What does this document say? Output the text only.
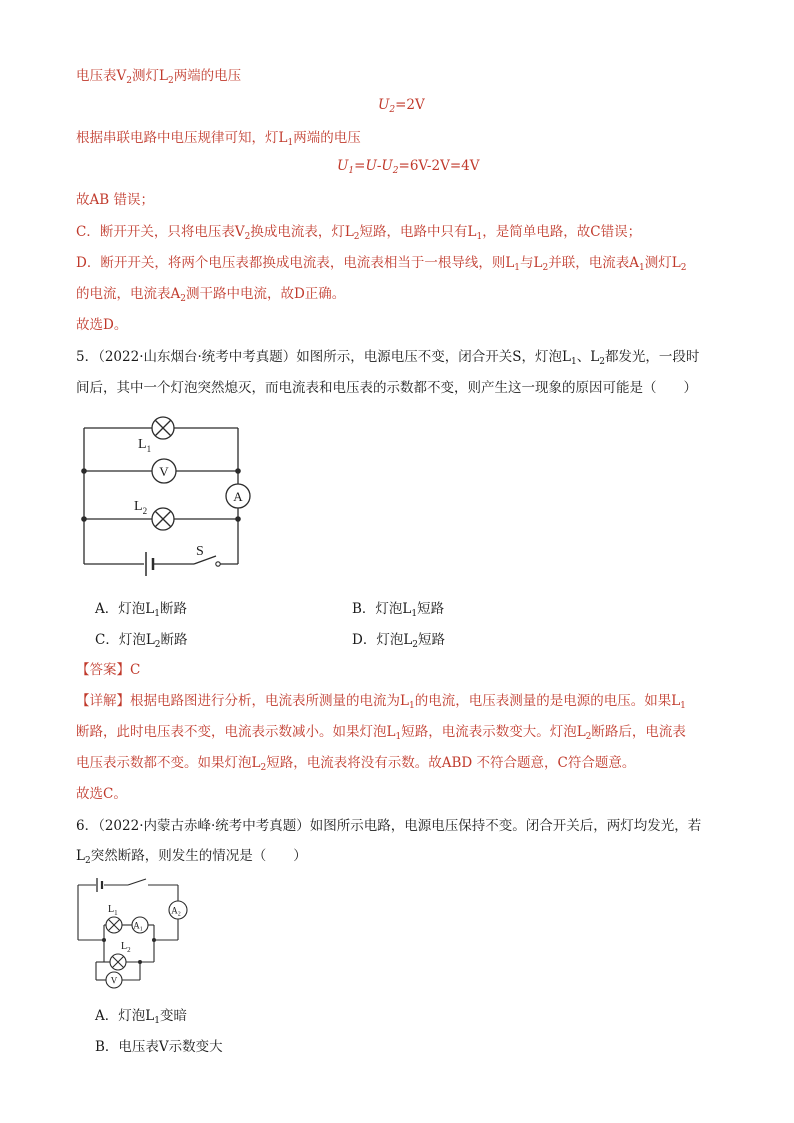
电压表$V_2$测灯$L_2$两端的电压
$U_2=2V$
根据串联电路中电压规律可知，灯$L_1$两端的电压
$U_1=U-U_2=6V-2V=4V$
故AB 错误；
C．断开开关，只将电压表$V_2$换成电流表，灯$L_2$短路，电路中只有$L_1$，是简单电路，故C错误；
D．断开开关，将两个电压表都换成电流表，电流表相当于一根导线，则$L_1$与$L_2$并联，电流表$A_1$测灯$L_2$
的电流，电流表$A_2$测干路中电流，故D正确。
故选D。
5．（2022·山东烟台·统考中考真题）如图所示，电源电压不变，闭合开关S，灯泡$L_1$、$L_2$都发光，一段时
间后，其中一个灯泡突然熄灭，而电流表和电压表的示数都不变，则产生这一现象的原因可能是（　　）
$L_1$
V
A
$L_2$
S
A．灯泡$L_1$断路	B．灯泡$L_1$短路
C．灯泡$L_2$断路	D．灯泡$L_2$短路
【答案】C
【详解】根据电路图进行分析，电流表所测量的电流为$L_1$的电流，电压表测量的是电源的电压。如果$L_1$
断路，此时电压表不变，电流表示数减小。如果灯泡$L_1$短路，电流表示数变大。灯泡$L_2$断路后，电流表
电压表示数都不变。如果灯泡$L_2$短路，电流表将没有示数。故ABD 不符合题意，C符合题意。
故选C。
6．（2022·内蒙古赤峰·统考中考真题）如图所示电路，电源电压保持不变。闭合开关后，两灯均发光，若
$L_2$突然断路，则发生的情况是（　　）
$L_1$
$A_1$
$A_2$
$L_2$
V
A．灯泡$L_1$变暗
B．电压表V示数变大
